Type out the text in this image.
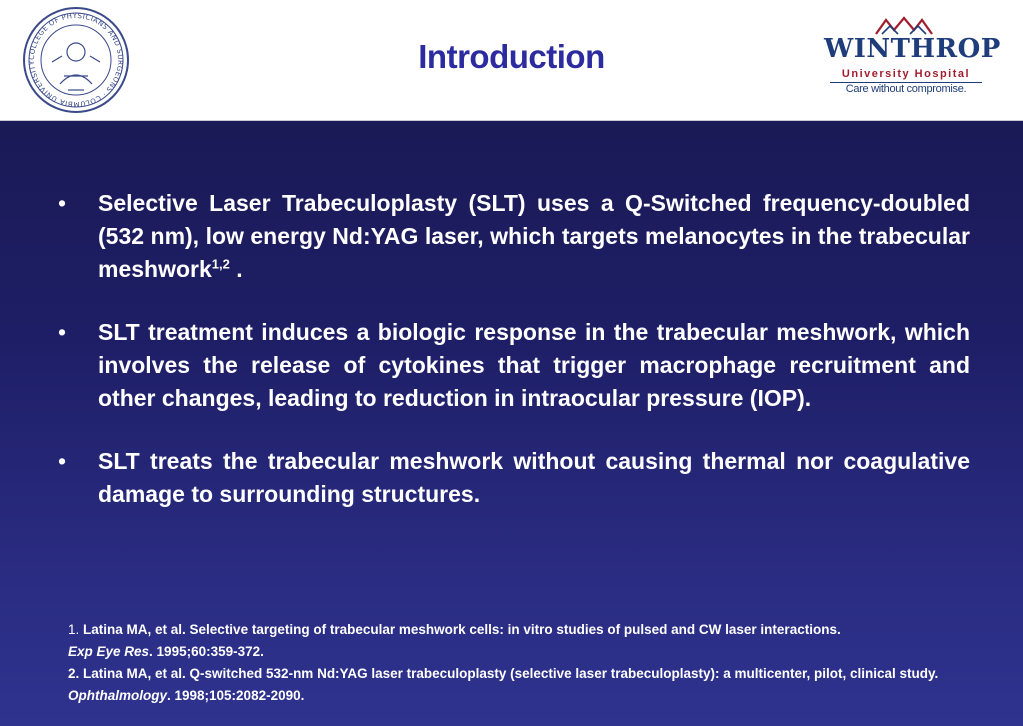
COLLEGE OF PHYSICIANS AND SURGEONS · COLUMBIA UNIVERSITY	Introduction	WINTHROP
University Hospital
Care without compromise.
• Selective Laser Trabeculoplasty (SLT) uses a Q-Switched frequency-doubled (532 nm), low energy Nd:YAG laser, which targets melanocytes in the trabecular meshwork$^{1,2}$ .
• SLT treatment induces a biologic response in the trabecular meshwork, which involves the release of cytokines that trigger macrophage recruitment and other changes, leading to reduction in intraocular pressure (IOP).
• SLT treats the trabecular meshwork without causing thermal nor coagulative damage to surrounding structures.
1. Latina MA, et al. Selective targeting of trabecular meshwork cells: in vitro studies of pulsed and CW laser interactions.
Exp Eye Res. 1995;60:359-372.
2. Latina MA, et al. Q-switched 532-nm Nd:YAG laser trabeculoplasty (selective laser trabeculoplasty): a multicenter, pilot, clinical study. Ophthalmology. 1998;105:2082-2090.
